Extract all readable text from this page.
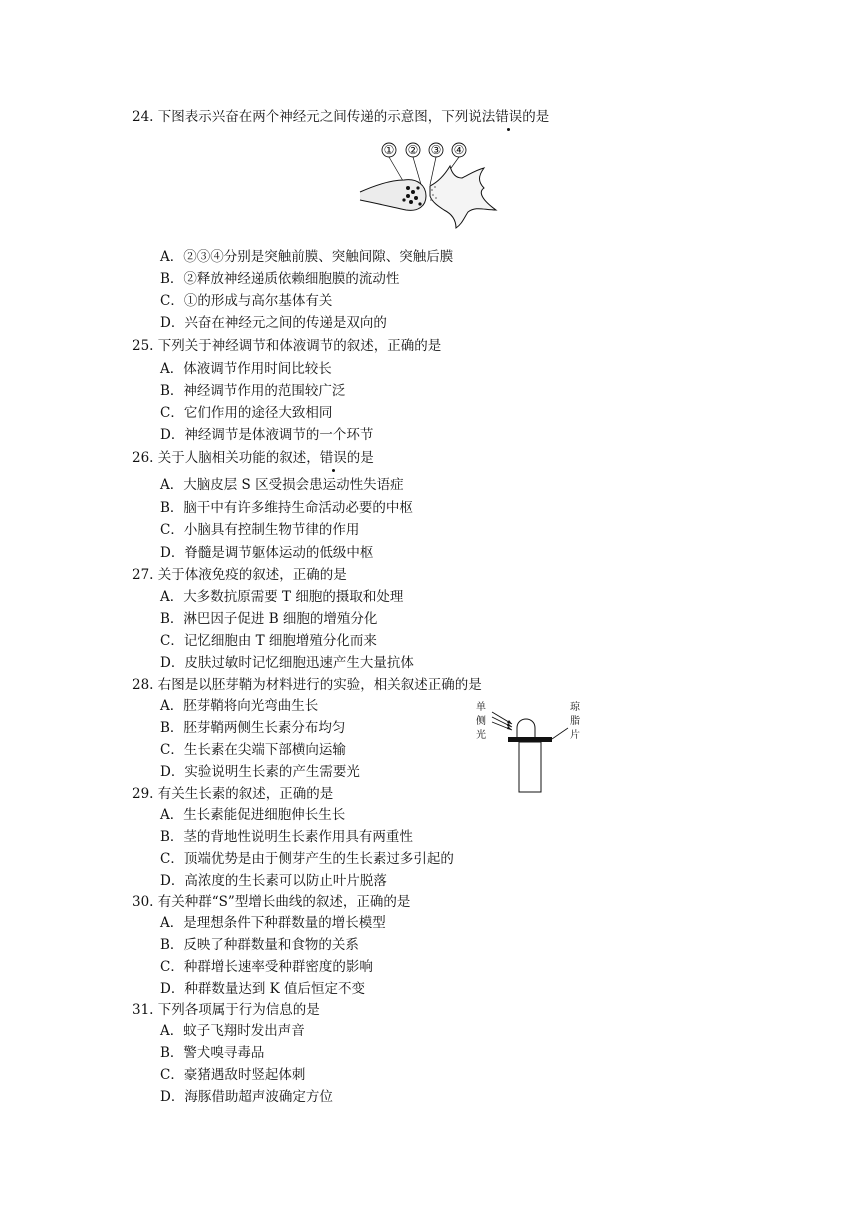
24. 下图表示兴奋在两个神经元之间传递的示意图，下列说法错误的是
① ② ③ ④
A．②③④分别是突触前膜、突触间隙、突触后膜
B．②释放神经递质依赖细胞膜的流动性
C．①的形成与高尔基体有关
D．兴奋在神经元之间的传递是双向的
25. 下列关于神经调节和体液调节的叙述，正确的是
A．体液调节作用时间比较长
B．神经调节作用的范围较广泛
C．它们作用的途径大致相同
D．神经调节是体液调节的一个环节
26. 关于人脑相关功能的叙述，错误的是
A．大脑皮层 S 区受损会患运动性失语症
B．脑干中有许多维持生命活动必要的中枢
C．小脑具有控制生物节律的作用
D．脊髓是调节躯体运动的低级中枢
27. 关于体液免疫的叙述，正确的是
A．大多数抗原需要 T 细胞的摄取和处理
B．淋巴因子促进 B 细胞的增殖分化
C．记忆细胞由 T 细胞增殖分化而来
D．皮肤过敏时记忆细胞迅速产生大量抗体
28. 右图是以胚芽鞘为材料进行的实验，相关叙述正确的是
A．胚芽鞘将向光弯曲生长
B．胚芽鞘两侧生长素分布均匀
C．生长素在尖端下部横向运输
D．实验说明生长素的产生需要光
单
侧
光
琼
脂
片
29. 有关生长素的叙述，正确的是
A．生长素能促进细胞伸长生长
B．茎的背地性说明生长素作用具有两重性
C．顶端优势是由于侧芽产生的生长素过多引起的
D．高浓度的生长素可以防止叶片脱落
30. 有关种群“S”型增长曲线的叙述，正确的是
A．是理想条件下种群数量的增长模型
B．反映了种群数量和食物的关系
C．种群增长速率受种群密度的影响
D．种群数量达到 K 值后恒定不变
31. 下列各项属于行为信息的是
A．蚊子飞翔时发出声音
B．警犬嗅寻毒品
C．豪猪遇敌时竖起体刺
D．海豚借助超声波确定方位
